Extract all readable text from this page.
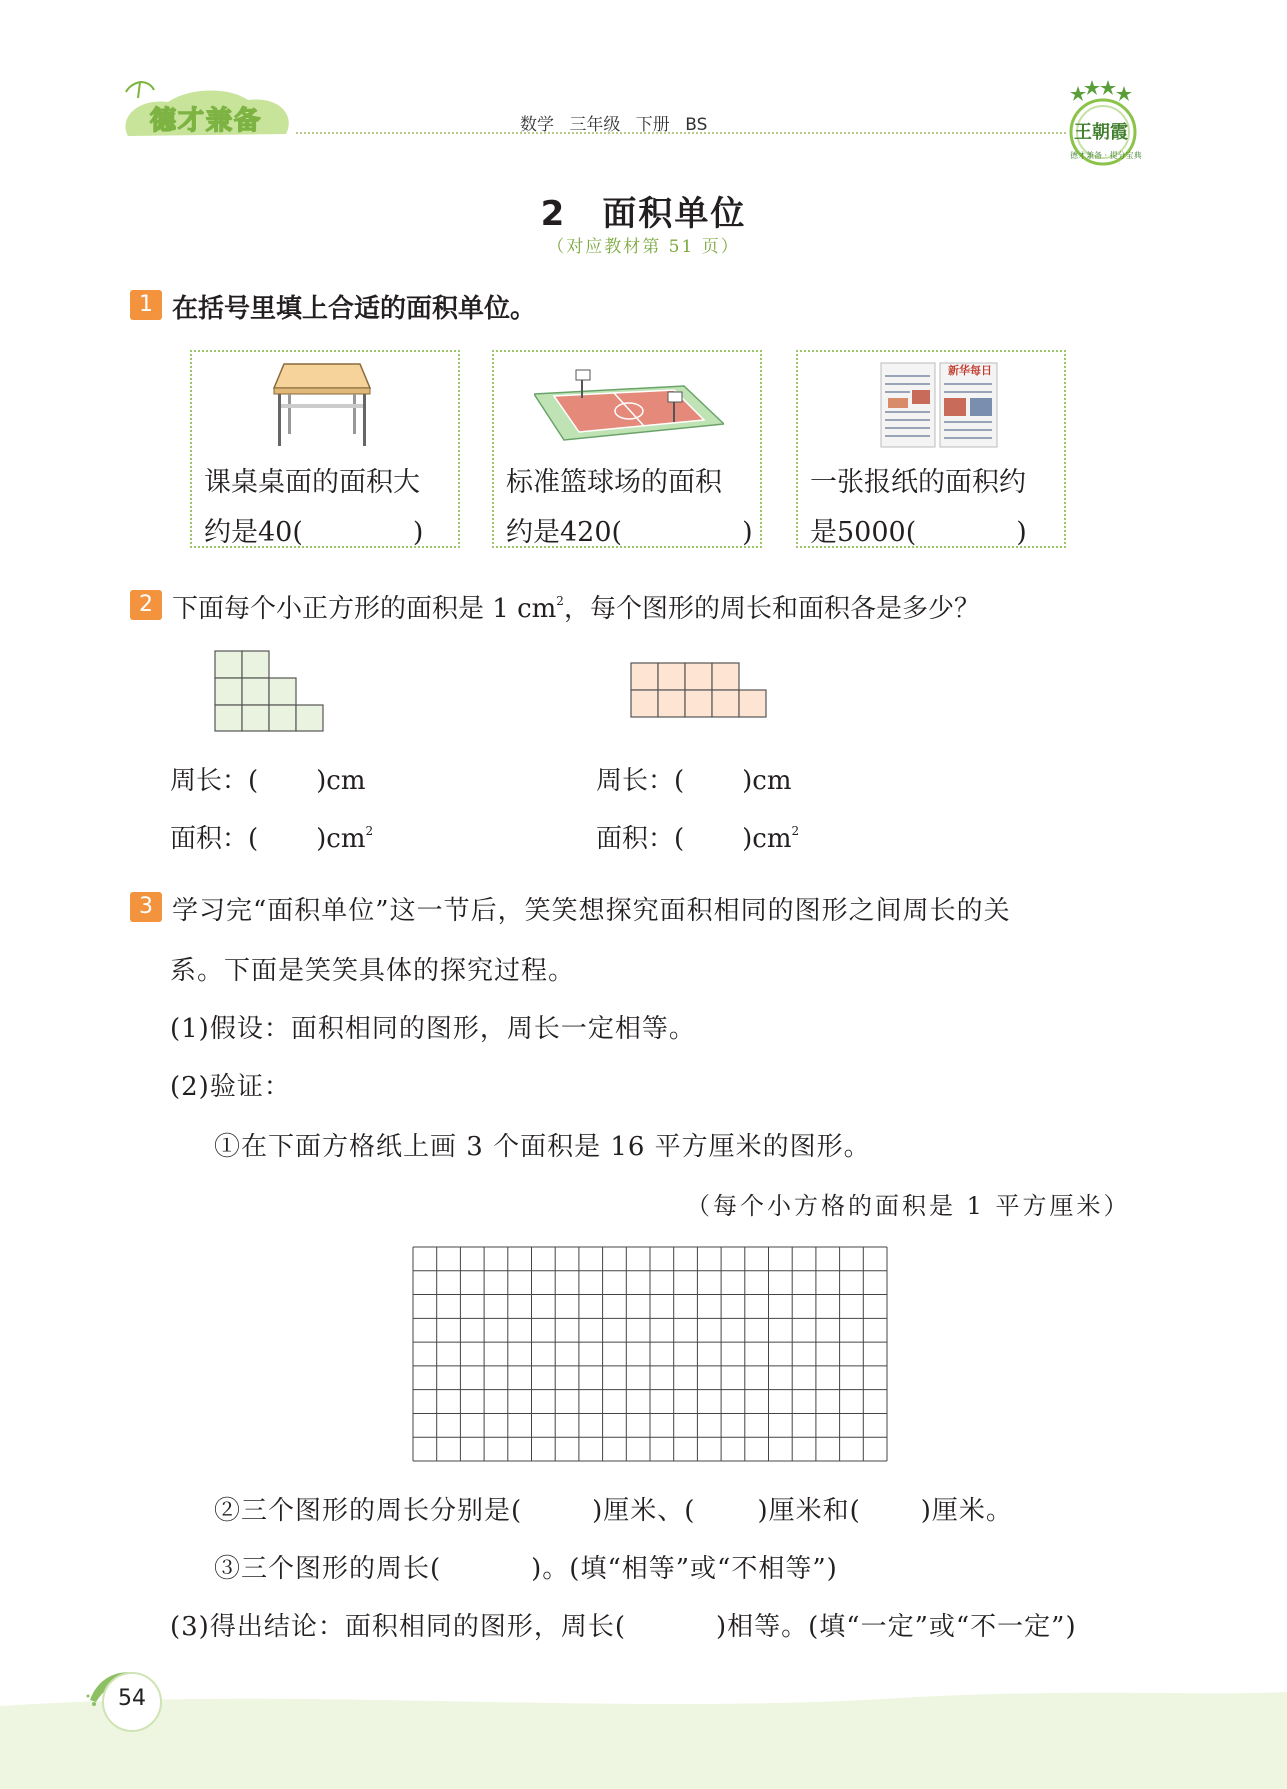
德才兼备	数学 三年级 下册 BS	王朝霞
德才兼备 · 提分宝典
2　面积单位
（对应教材第 51 页）
1 在括号里填上合适的面积单位。
课桌桌面的面积大
约是40(	)
标准篮球场的面积
约是420(	)
新华每日
一张报纸的面积约
是5000(	)
2 下面每个小正方形的面积是 1 $cm^2$，每个图形的周长和面积各是多少？
周长：( )cm
面积：( )$cm^2$
周长：( )cm
面积：( )$cm^2$
3 学习完“面积单位”这一节后，笑笑想探究面积相同的图形之间周长的关
系。下面是笑笑具体的探究过程。
(1)假设：面积相同的图形，周长一定相等。
(2)验证：
①在下面方格纸上画 3 个面积是 16 平方厘米的图形。
（每个小方格的面积是 1 平方厘米）
②三个图形的周长分别是(	)厘米、( )厘米和( )厘米。
③三个图形的周长(	)。(填“相等”或“不相等”)
(3)得出结论：面积相同的图形，周长(	)相等。(填“一定”或“不一定”)
54
